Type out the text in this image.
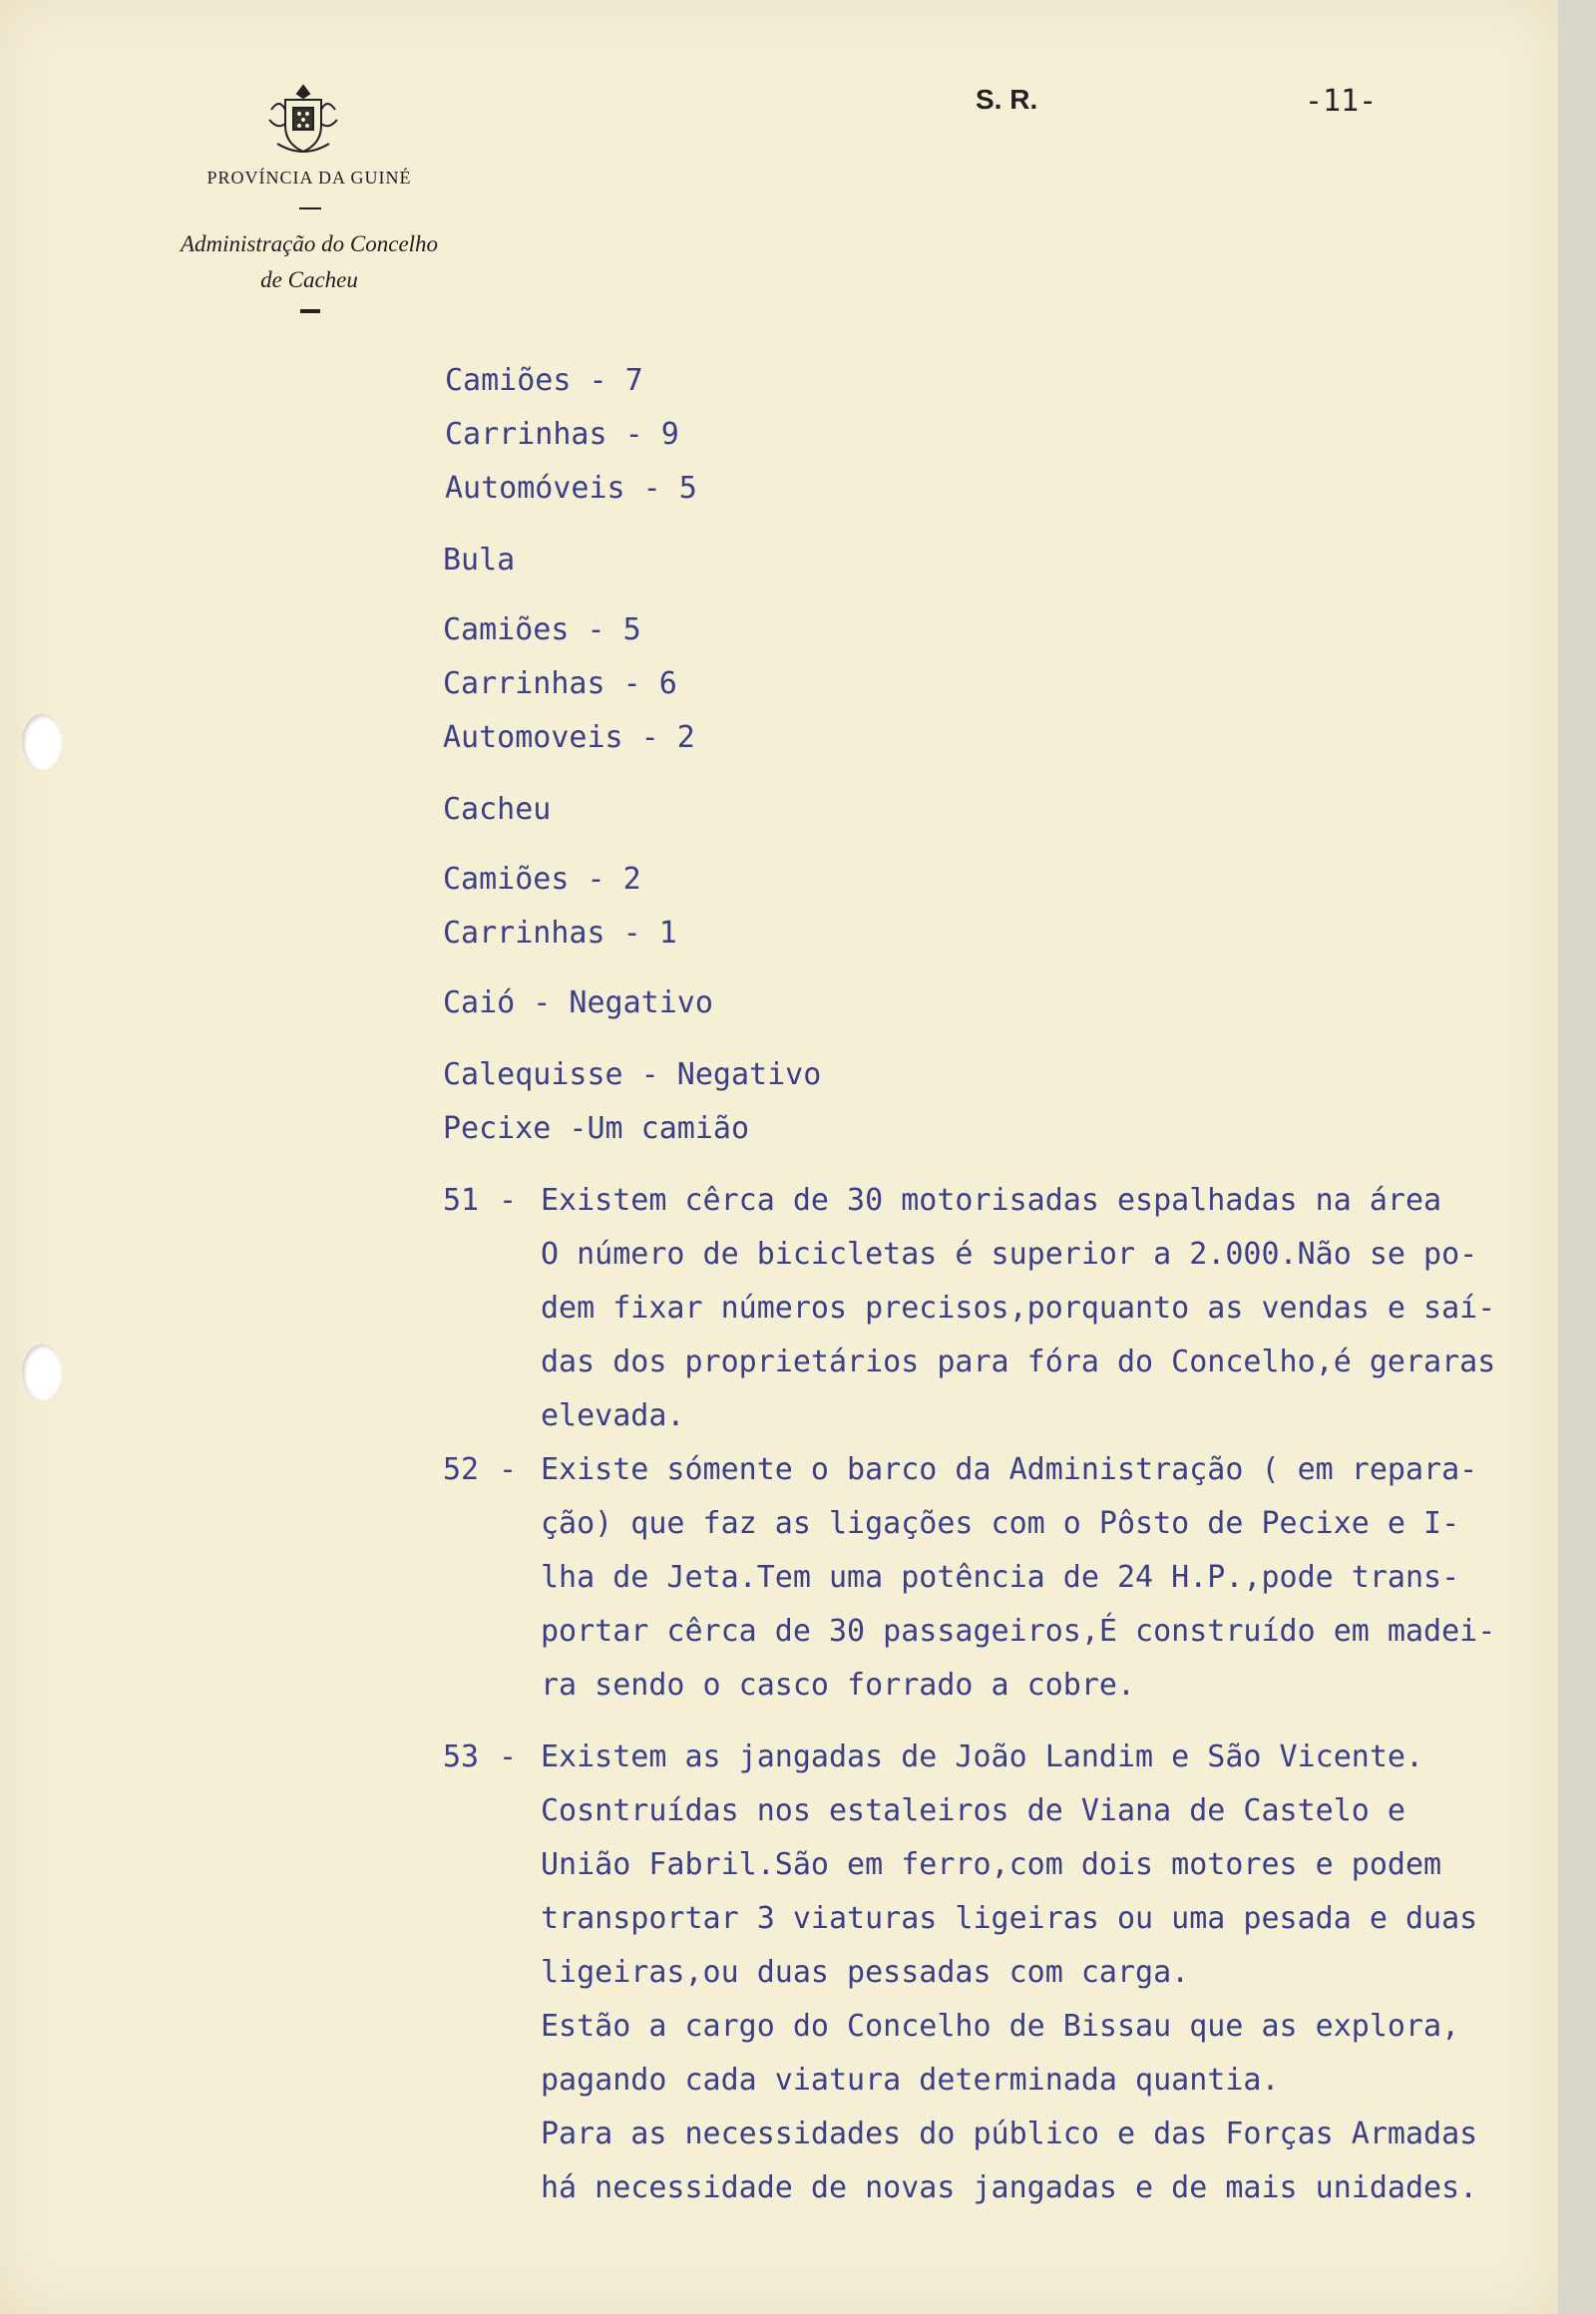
PROVÍNCIA DA GUINÉ
Administração do Concelho
de Cacheu
S. R.	-11-
Camiões - 7
Carrinhas - 9
Automóveis - 5
Bula
Camiões - 5
Carrinhas - 6
Automoveis - 2
Cacheu
Camiões - 2
Carrinhas - 1
Caió - Negativo
Calequisse - Negativo
Pecixe -Um camião
51 - Existem cêrca de 30 motorisadas espalhadas na área
O número de bicicletas é superior a 2.000.Não se po-
dem fixar números precisos,porquanto as vendas e saí-
das dos proprietários para fóra do Concelho,é geraras
elevada.
52 - Existe sómente o barco da Administração ( em repara-
ção) que faz as ligações com o Pôsto de Pecixe e I-
lha de Jeta.Tem uma potência de 24 H.P.,pode trans-
portar cêrca de 30 passageiros,É construído em madei-
ra sendo o casco forrado a cobre.
53 - Existem as jangadas de João Landim e São Vicente.
Cosntruídas nos estaleiros de Viana de Castelo e
União Fabril.São em ferro,com dois motores e podem
transportar 3 viaturas ligeiras ou uma pesada e duas
ligeiras,ou duas pessadas com carga.
Estão a cargo do Concelho de Bissau que as explora,
pagando cada viatura determinada quantia.
Para as necessidades do público e das Forças Armadas
há necessidade de novas jangadas e de mais unidades.
